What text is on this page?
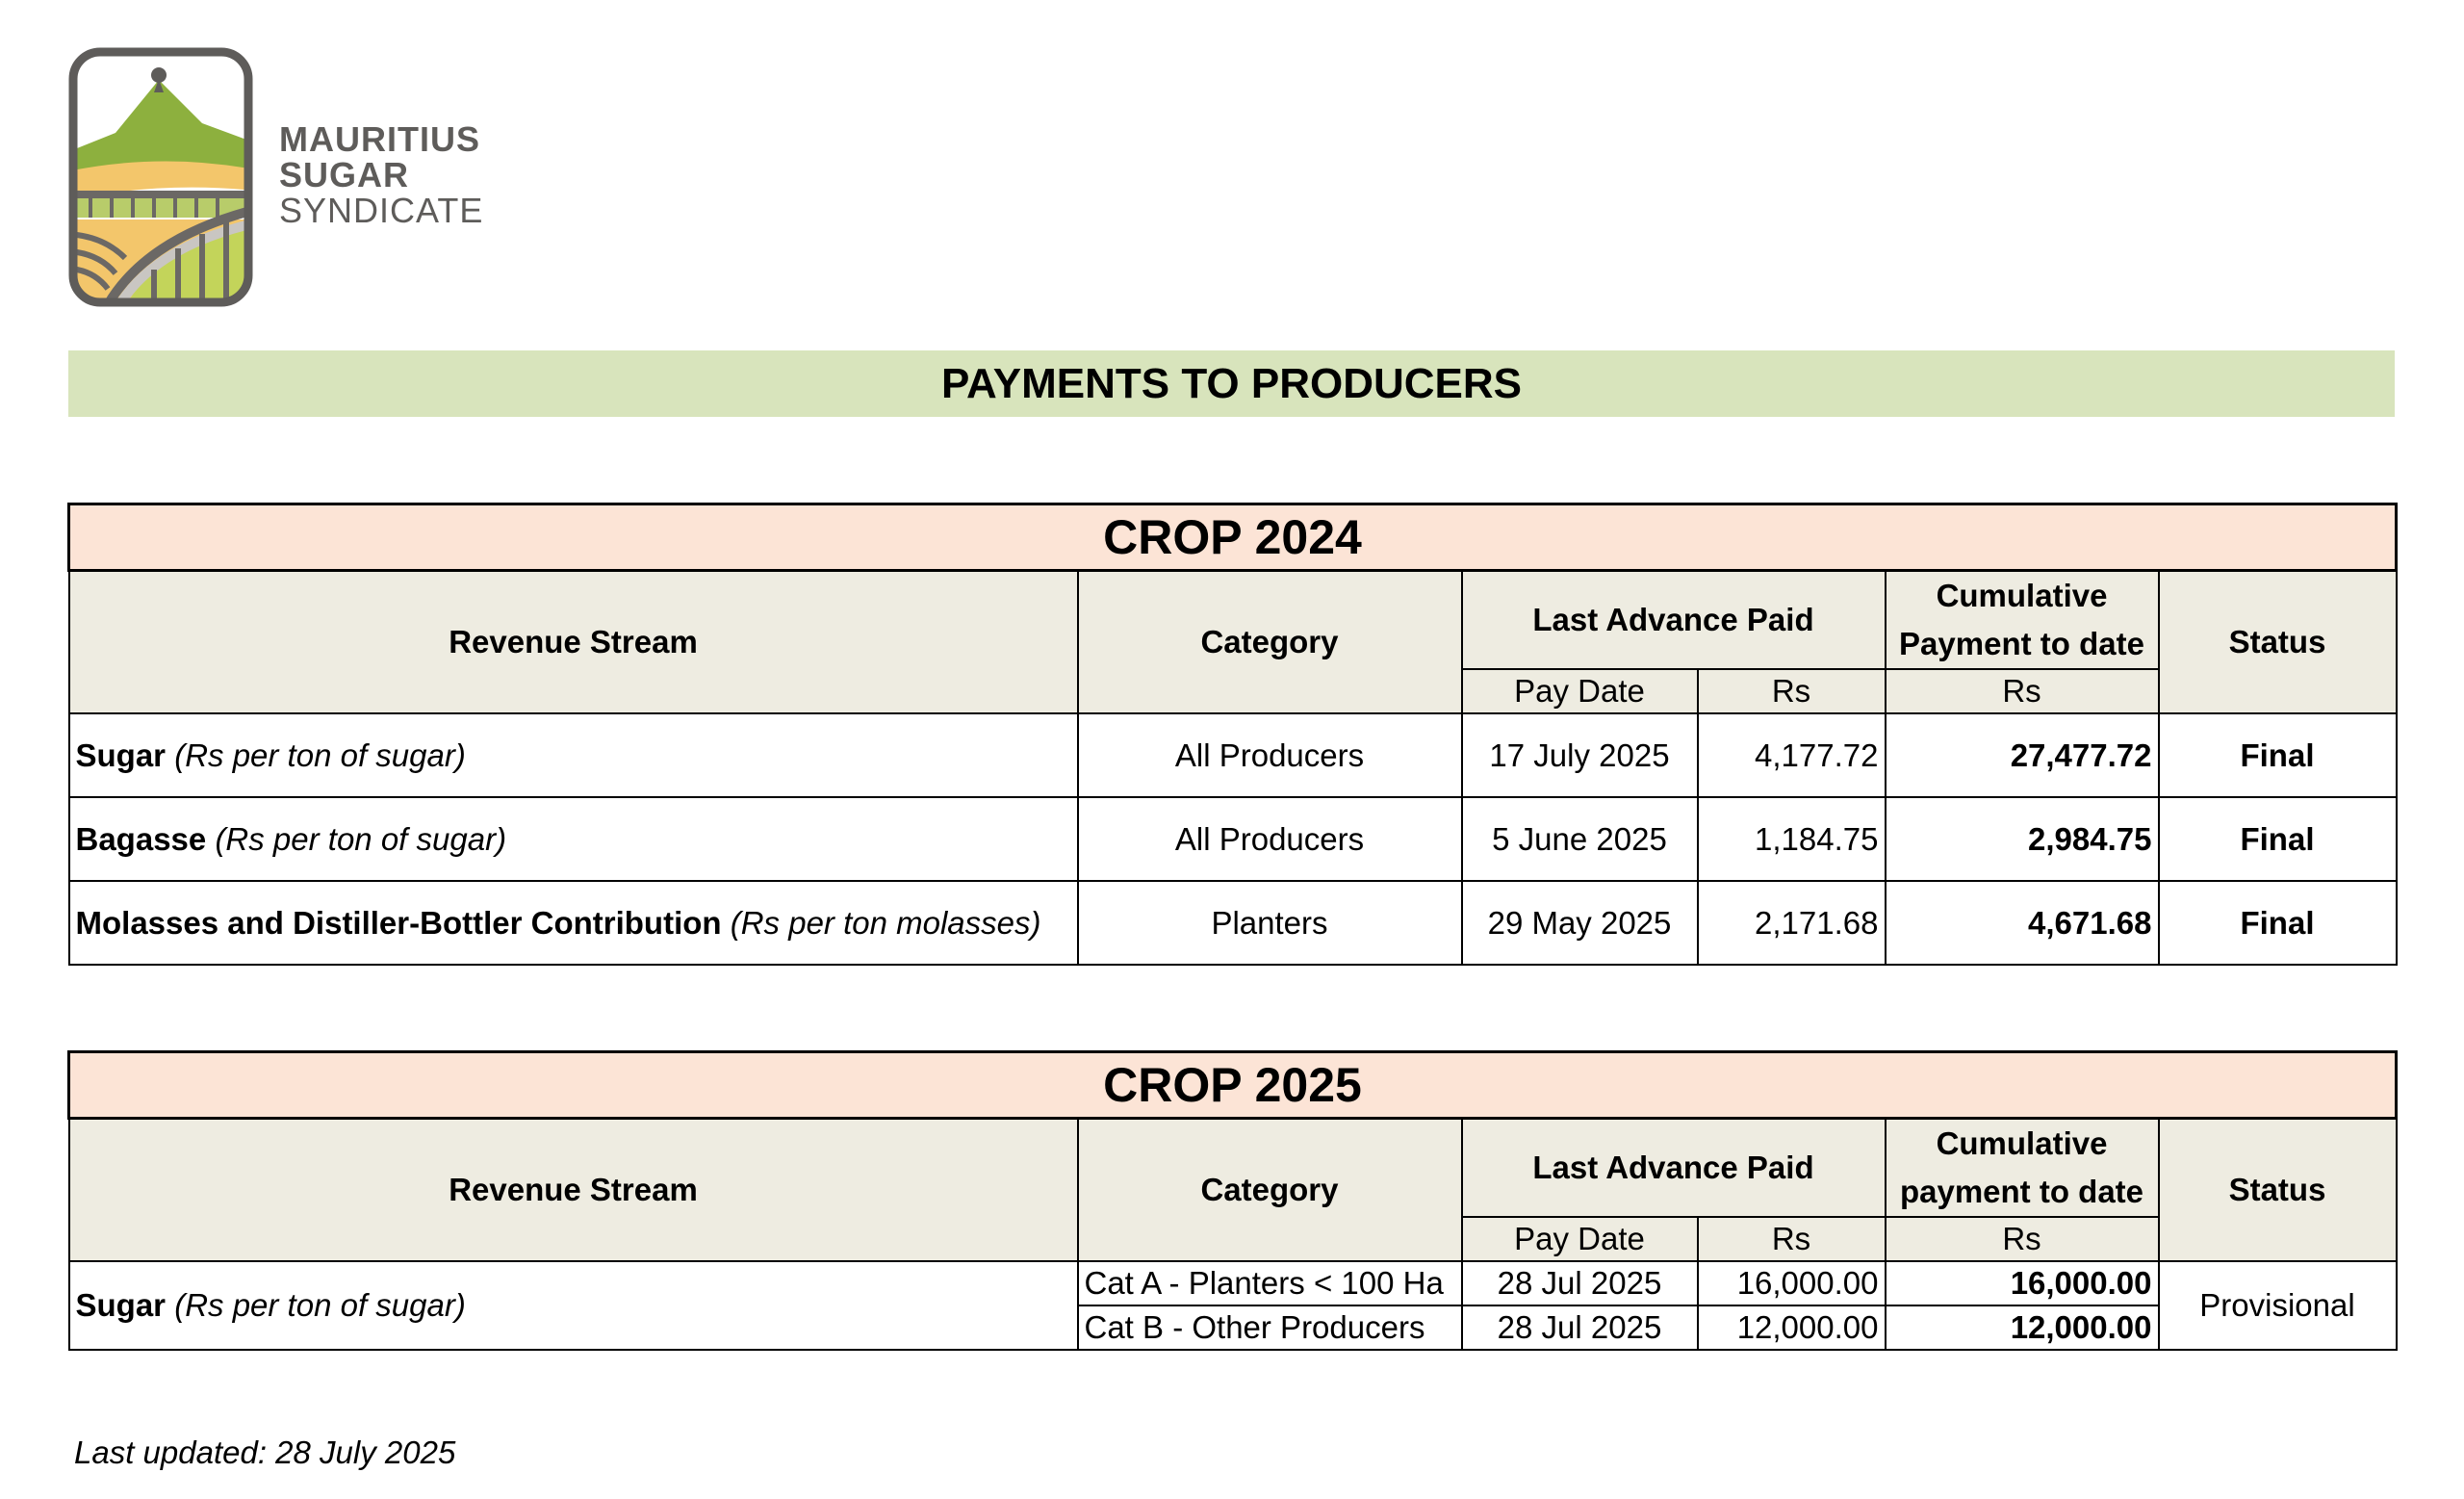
MAURITIUS
SUGAR
SYNDICATE
PAYMENTS TO PRODUCERS
CROP 2024					
Revenue Stream	Category	Last Advance Paid		Cumulative Payment to date	Status
		Pay Date	Rs	Rs	
Sugar (Rs per ton of sugar)	All Producers	17 July 2025	4,177.72	27,477.72	Final
Bagasse (Rs per ton of sugar)	All Producers	5 June 2025	1,184.75	2,984.75	Final
Molasses and Distiller-Bottler Contribution (Rs per ton molasses)	Planters	29 May 2025	2,171.68	4,671.68	Final
CROP 2025					
Revenue Stream	Category	Last Advance Paid		Cumulative payment to date	Status
		Pay Date	Rs	Rs	
Sugar (Rs per ton of sugar)	Cat A - Planters < 100 Ha	28 Jul 2025	16,000.00	16,000.00	Provisional
	Cat B - Other Producers	28 Jul 2025	12,000.00	12,000.00	
Last updated: 28 July 2025
